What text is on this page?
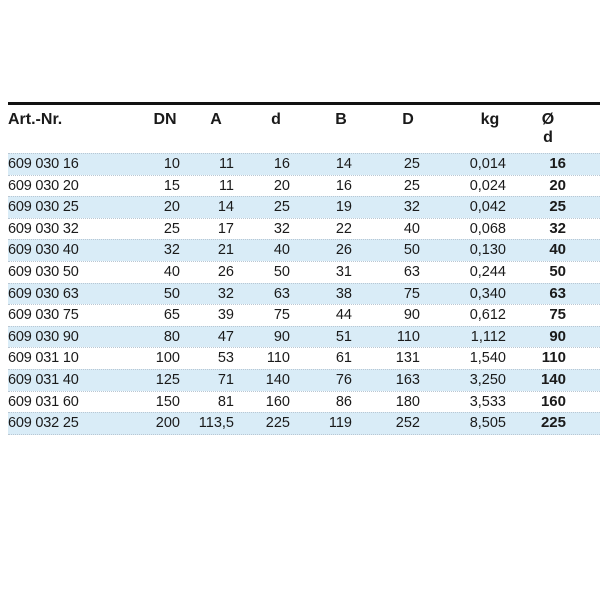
Art.-Nr.	DN	A	d	B	D	kg	Ø
d
609 030 16	10	11	16	14	25	0,014	16
609 030 20	15	11	20	16	25	0,024	20
609 030 25	20	14	25	19	32	0,042	25
609 030 32	25	17	32	22	40	0,068	32
609 030 40	32	21	40	26	50	0,130	40
609 030 50	40	26	50	31	63	0,244	50
609 030 63	50	32	63	38	75	0,340	63
609 030 75	65	39	75	44	90	0,612	75
609 030 90	80	47	90	51	110	1,112	90
609 031 10	100	53	110	61	131	1,540	110
609 031 40	125	71	140	76	163	3,250	140
609 031 60	150	81	160	86	180	3,533	160
609 032 25	200	113,5	225	119	252	8,505	225
